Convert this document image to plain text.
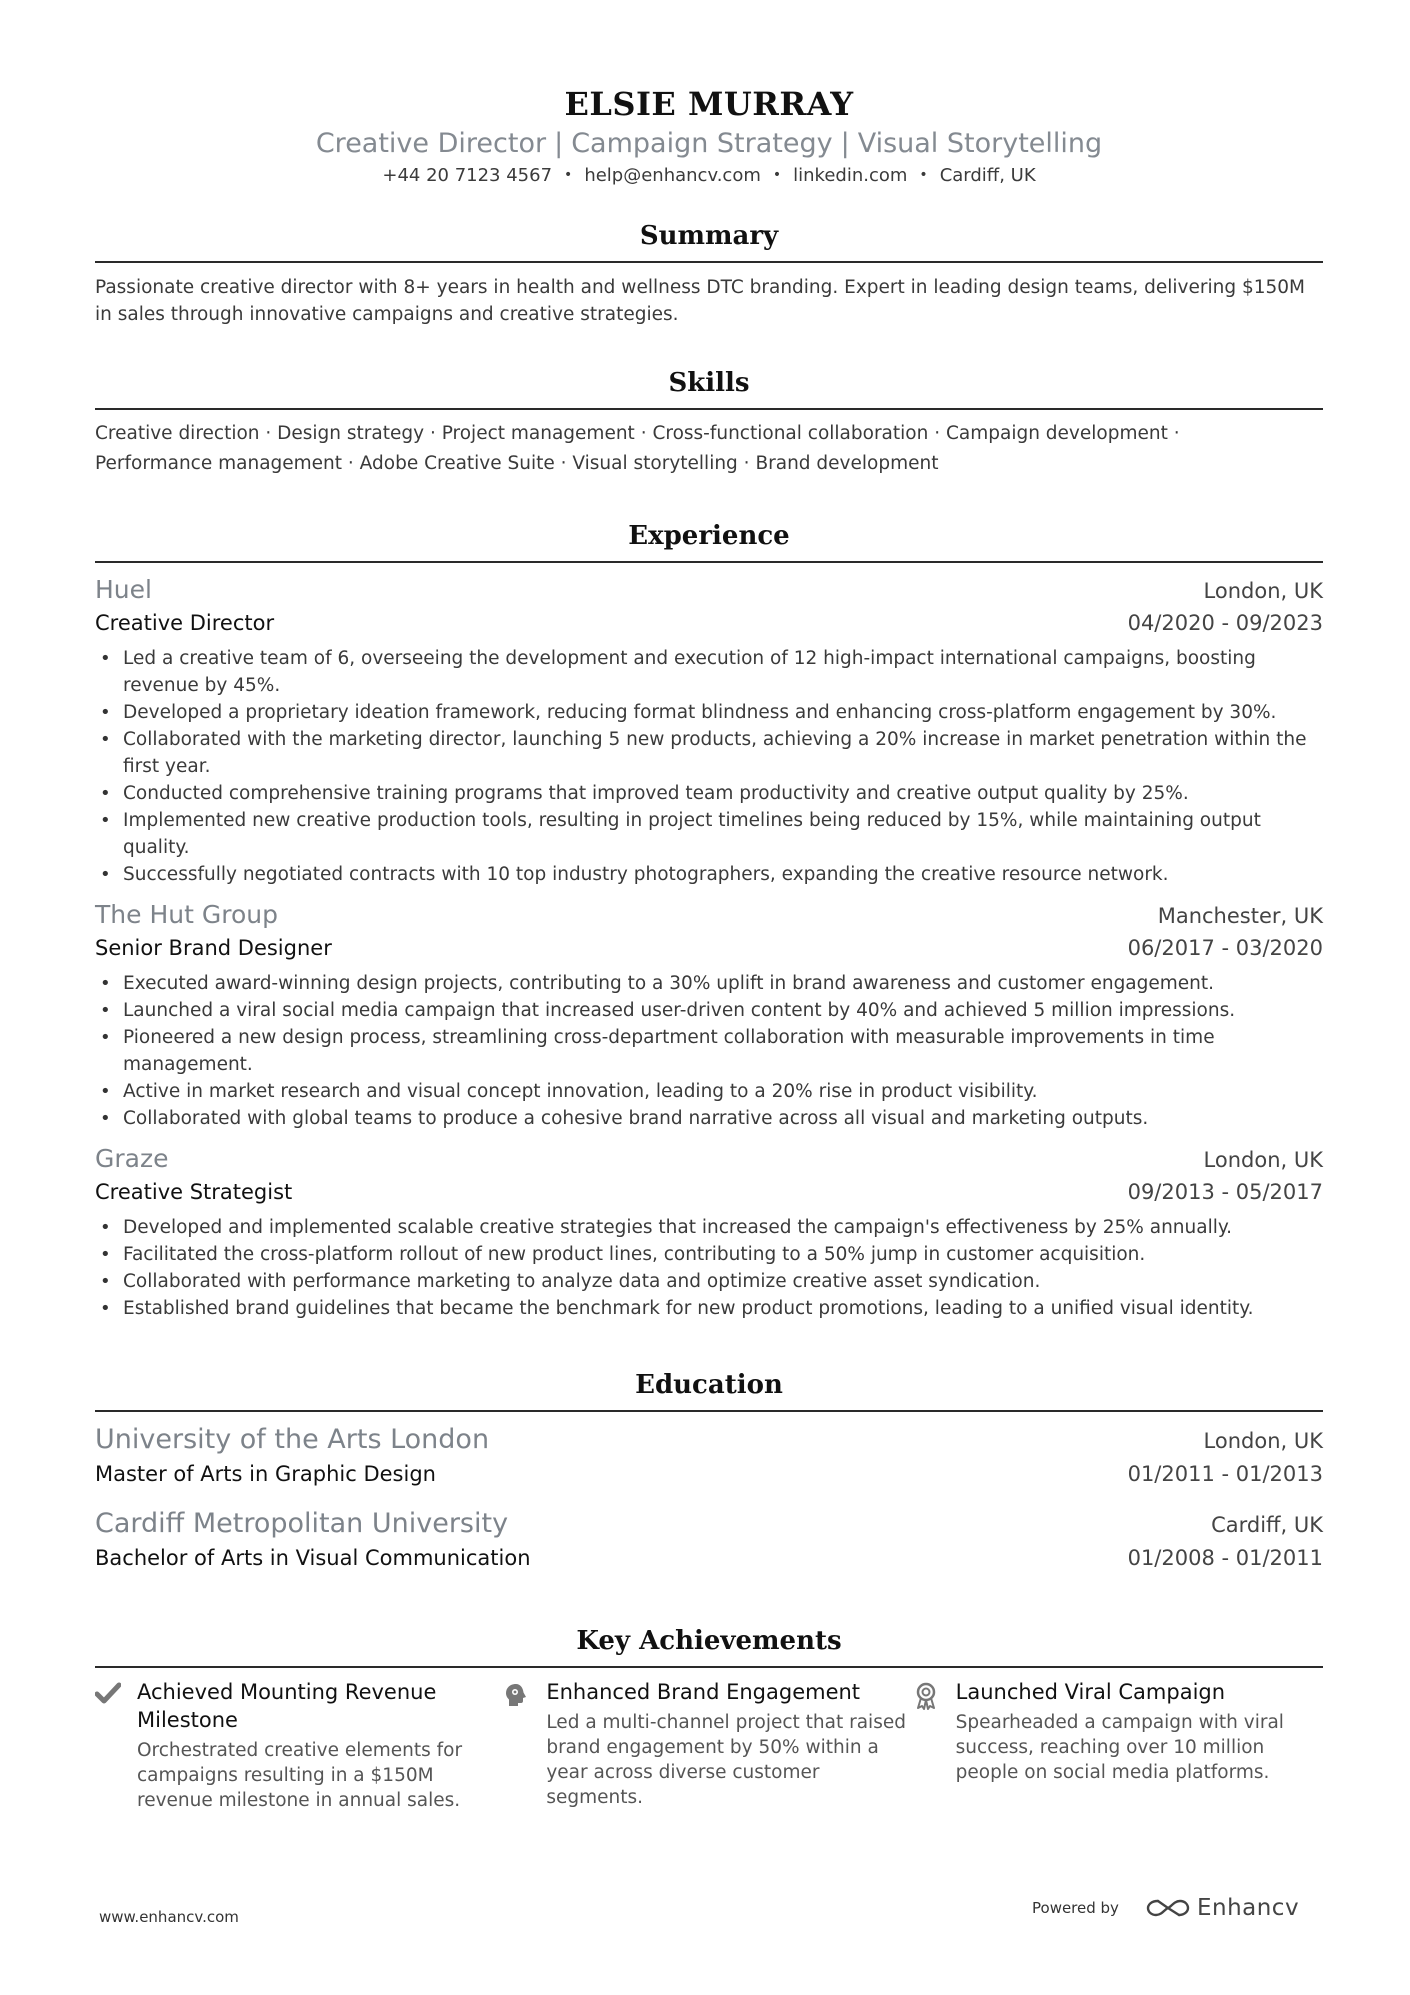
ELSIE MURRAY
Creative Director | Campaign Strategy | Visual Storytelling
+44 20 7123 4567 • help@enhancv.com • linkedin.com • Cardiff, UK
Summary
Passionate creative director with 8+ years in health and wellness DTC branding. Expert in leading design teams, delivering $150M in sales through innovative campaigns and creative strategies.
Skills
Creative direction · Design strategy · Project management · Cross-functional collaboration · Campaign development ·
Performance management · Adobe Creative Suite · Visual storytelling · Brand development
Experience
Huel	London, UK
Creative Director	04/2020 - 09/2023
• Led a creative team of 6, overseeing the development and execution of 12 high-impact international campaigns, boosting revenue by 45%.
• Developed a proprietary ideation framework, reducing format blindness and enhancing cross-platform engagement by 30%.
• Collaborated with the marketing director, launching 5 new products, achieving a 20% increase in market penetration within the first year.
• Conducted comprehensive training programs that improved team productivity and creative output quality by 25%.
• Implemented new creative production tools, resulting in project timelines being reduced by 15%, while maintaining output quality.
• Successfully negotiated contracts with 10 top industry photographers, expanding the creative resource network.
The Hut Group	Manchester, UK
Senior Brand Designer	06/2017 - 03/2020
• Executed award-winning design projects, contributing to a 30% uplift in brand awareness and customer engagement.
• Launched a viral social media campaign that increased user-driven content by 40% and achieved 5 million impressions.
• Pioneered a new design process, streamlining cross-department collaboration with measurable improvements in time management.
• Active in market research and visual concept innovation, leading to a 20% rise in product visibility.
• Collaborated with global teams to produce a cohesive brand narrative across all visual and marketing outputs.
Graze	London, UK
Creative Strategist	09/2013 - 05/2017
• Developed and implemented scalable creative strategies that increased the campaign's effectiveness by 25% annually.
• Facilitated the cross-platform rollout of new product lines, contributing to a 50% jump in customer acquisition.
• Collaborated with performance marketing to analyze data and optimize creative asset syndication.
• Established brand guidelines that became the benchmark for new product promotions, leading to a unified visual identity.
Education
University of the Arts London	London, UK
Master of Arts in Graphic Design	01/2011 - 01/2013
Cardiff Metropolitan University	Cardiff, UK
Bachelor of Arts in Visual Communication	01/2008 - 01/2011
Key Achievements
Achieved Mounting Revenue Milestone
Orchestrated creative elements for campaigns resulting in a $150M revenue milestone in annual sales.
Enhanced Brand Engagement
Led a multi-channel project that raised brand engagement by 50% within a year across diverse customer segments.
Launched Viral Campaign
Spearheaded a campaign with viral success, reaching over 10 million people on social media platforms.
www.enhancv.com	Powered by	Enhancv
